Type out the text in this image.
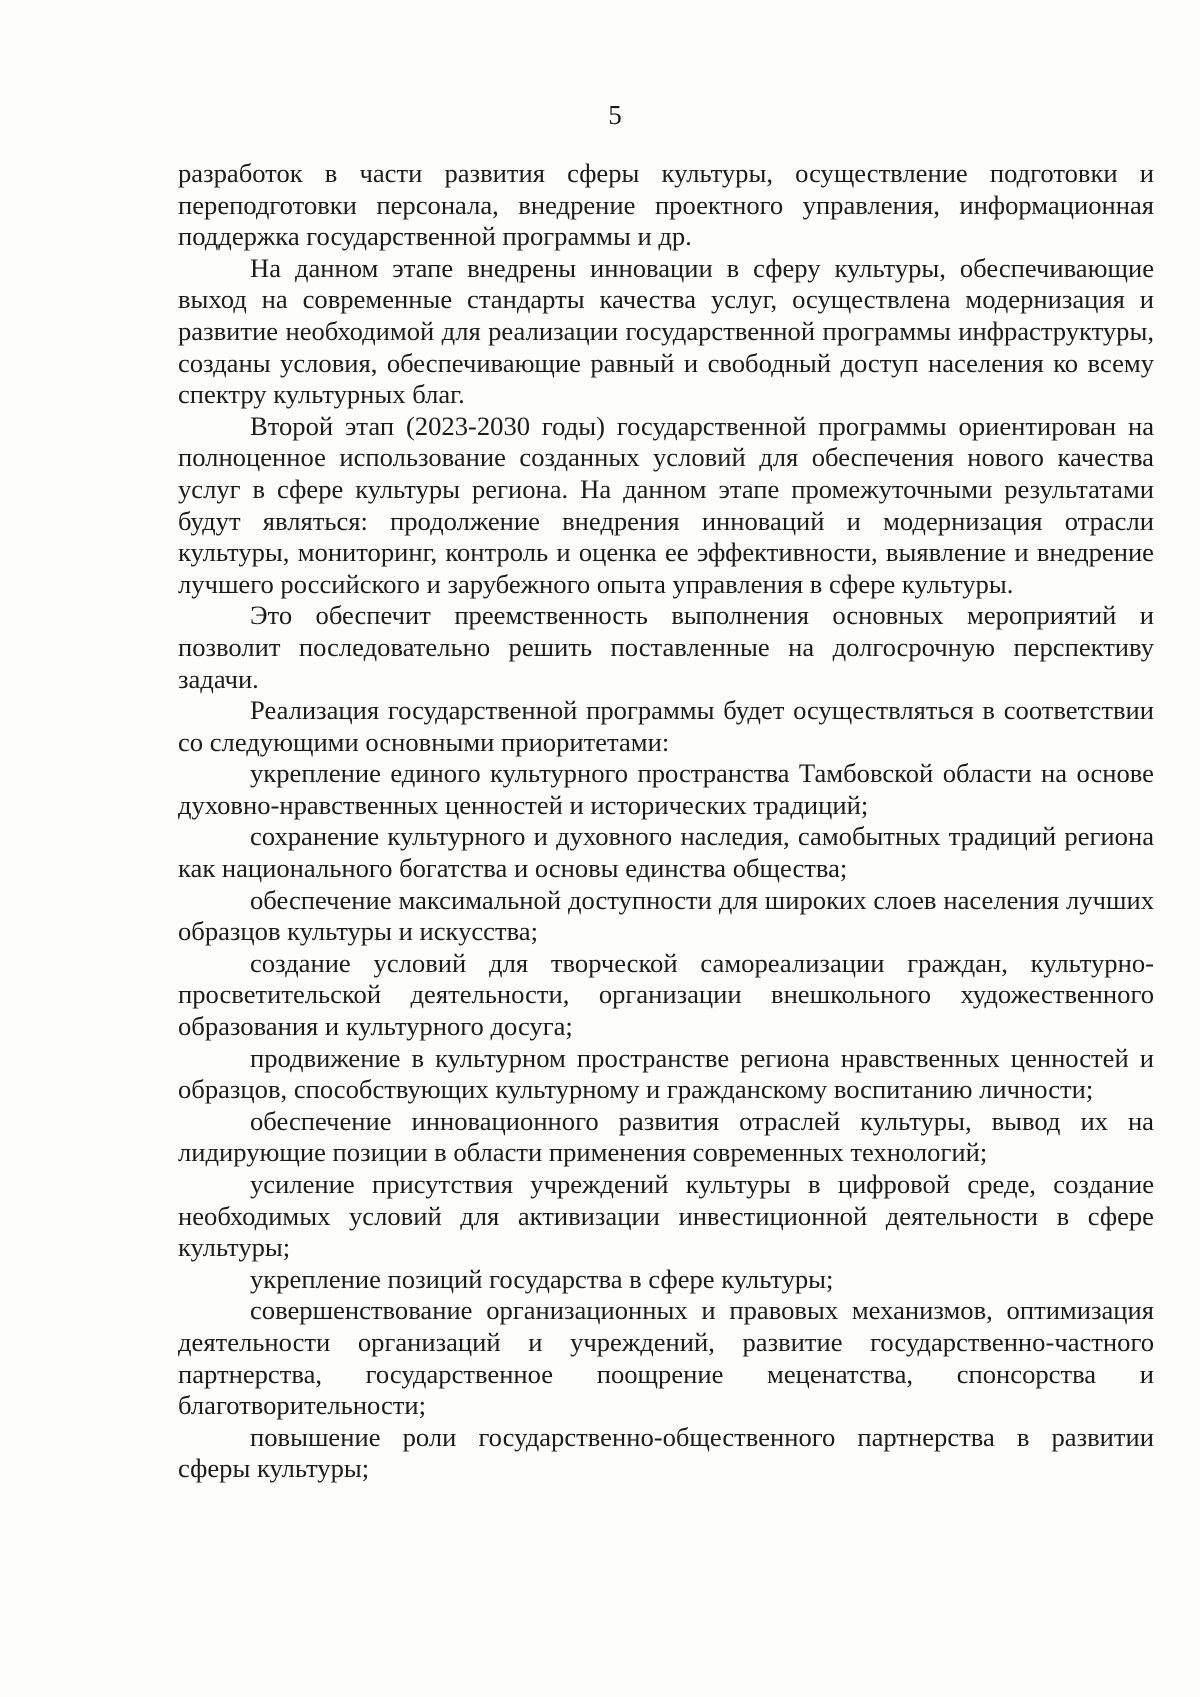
5

разработок в части развития сферы культуры, осуществление подготовки и переподготовки персонала, внедрение проектного управления, информационная поддержка государственной программы и др.

На данном этапе внедрены инновации в сферу культуры, обеспечивающие выход на современные стандарты качества услуг, осуществлена модернизация и развитие необходимой для реализации государственной программы инфраструктуры, созданы условия, обеспечивающие равный и свободный доступ населения ко всему спектру культурных благ.

Второй этап (2023-2030 годы) государственной программы ориентирован на полноценное использование созданных условий для обеспечения нового качества услуг в сфере культуры региона. На данном этапе промежуточными результатами будут являться: продолжение внедрения инноваций и модернизация отрасли культуры, мониторинг, контроль и оценка ее эффективности, выявление и внедрение лучшего российского и зарубежного опыта управления в сфере культуры.

Это обеспечит преемственность выполнения основных мероприятий и позволит последовательно решить поставленные на долгосрочную перспективу задачи.

Реализация государственной программы будет осуществляться в соответствии со следующими основными приоритетами:

укрепление единого культурного пространства Тамбовской области на основе духовно-нравственных ценностей и исторических традиций;

сохранение культурного и духовного наследия, самобытных традиций региона как национального богатства и основы единства общества;

обеспечение максимальной доступности для широких слоев населения лучших образцов культуры и искусства;

создание условий для творческой самореализации граждан, культурно-просветительской деятельности, организации внешкольного художественного образования и культурного досуга;

продвижение в культурном пространстве региона нравственных ценностей и образцов, способствующих культурному и гражданскому воспитанию личности;

обеспечение инновационного развития отраслей культуры, вывод их на лидирующие позиции в области применения современных технологий;

усиление присутствия учреждений культуры в цифровой среде, создание необходимых условий для активизации инвестиционной деятельности в сфере культуры;

укрепление позиций государства в сфере культуры;

совершенствование организационных и правовых механизмов, оптимизация деятельности организаций и учреждений, развитие государственно-частного партнерства, государственное поощрение меценатства, спонсорства и благотворительности;

повышение роли государственно-общественного партнерства в развитии сферы культуры;
